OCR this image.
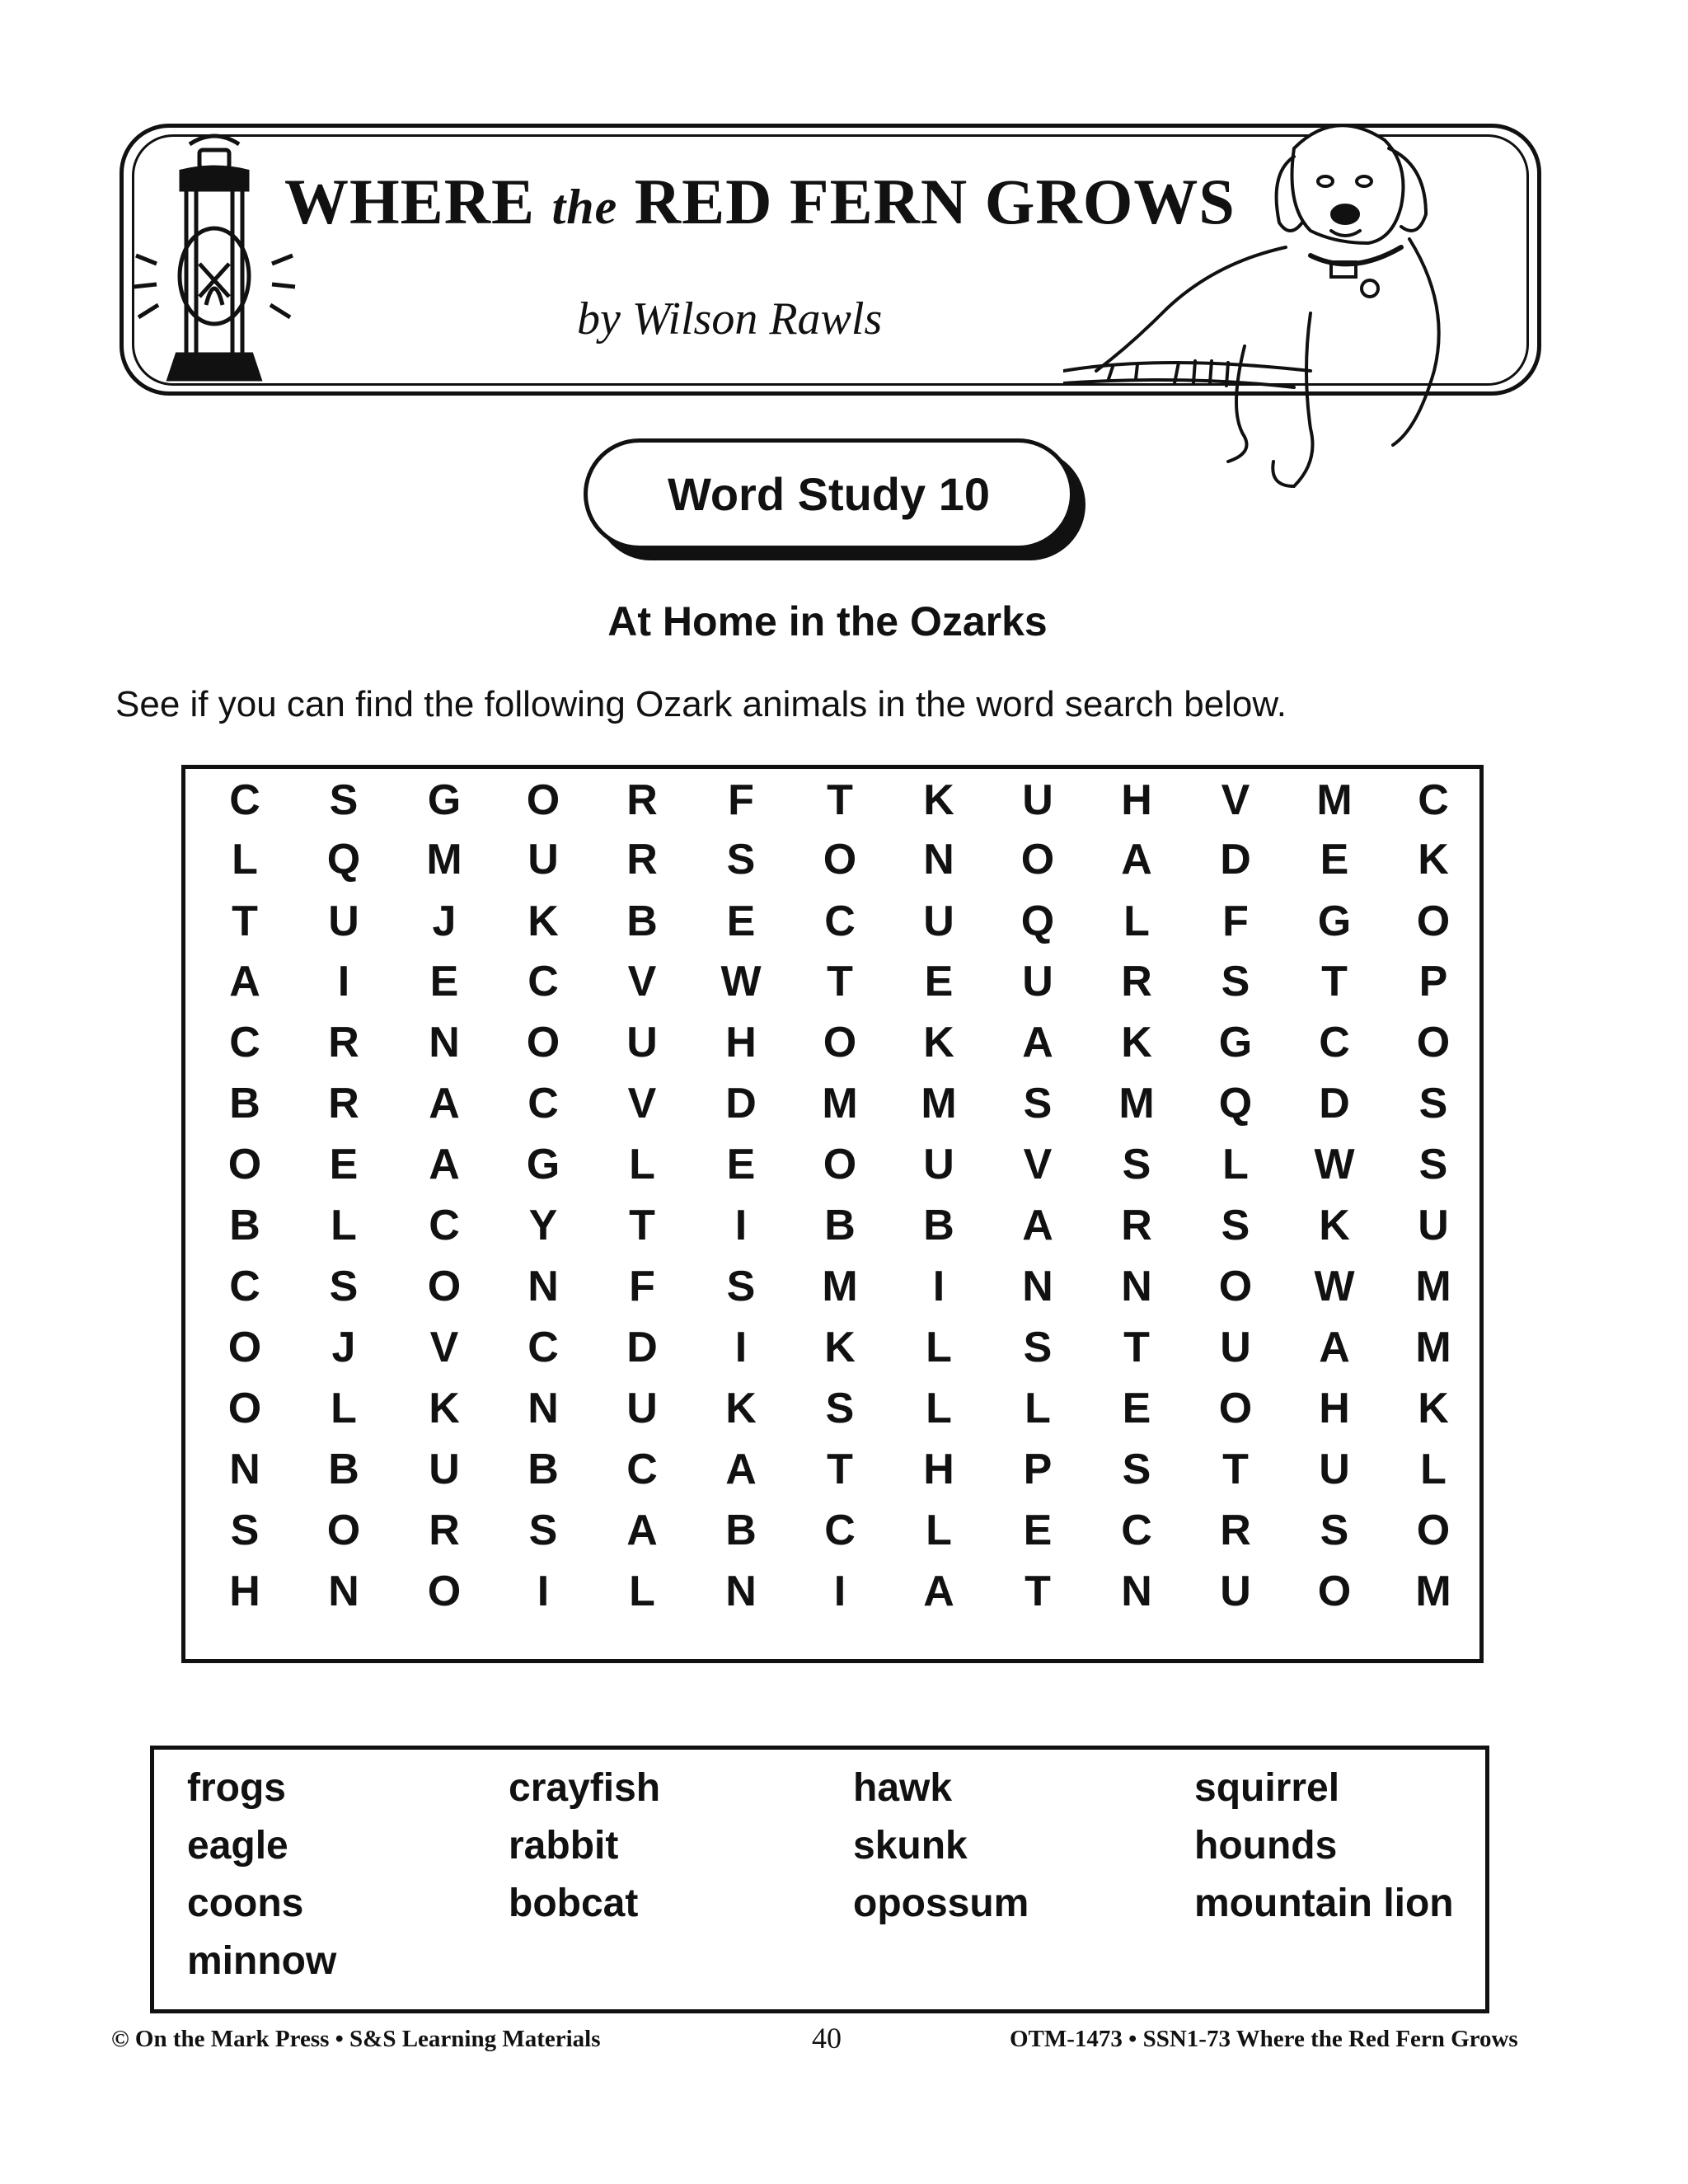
WHERE the RED FERN GROWS
by Wilson Rawls
Word Study 10
At Home in the Ozarks
See if you can find the following Ozark animals in the word search below.
C	S	G	O	R	F	T	K	U	H	V	M	C
L	Q	M	U	R	S	O	N	O	A	D	E	K
T	U	J	K	B	E	C	U	Q	L	F	G	O
A	I	E	C	V	W	T	E	U	R	S	T	P
C	R	N	O	U	H	O	K	A	K	G	C	O
B	R	A	C	V	D	M	M	S	M	Q	D	S
O	E	A	G	L	E	O	U	V	S	L	W	S
B	L	C	Y	T	I	B	B	A	R	S	K	U
C	S	O	N	F	S	M	I	N	N	O	W	M
O	J	V	C	D	I	K	L	S	T	U	A	M
O	L	K	N	U	K	S	L	L	E	O	H	K
N	B	U	B	C	A	T	H	P	S	T	U	L
S	O	R	S	A	B	C	L	E	C	R	S	O
H	N	O	I	L	N	I	A	T	N	U	O	M
frogs
eagle
coons
minnow
crayfish
rabbit
bobcat
hawk
skunk
opossum
squirrel
hounds
mountain lion
© On the Mark Press • S&S Learning Materials	40	OTM-1473 • SSN1-73 Where the Red Fern Grows
